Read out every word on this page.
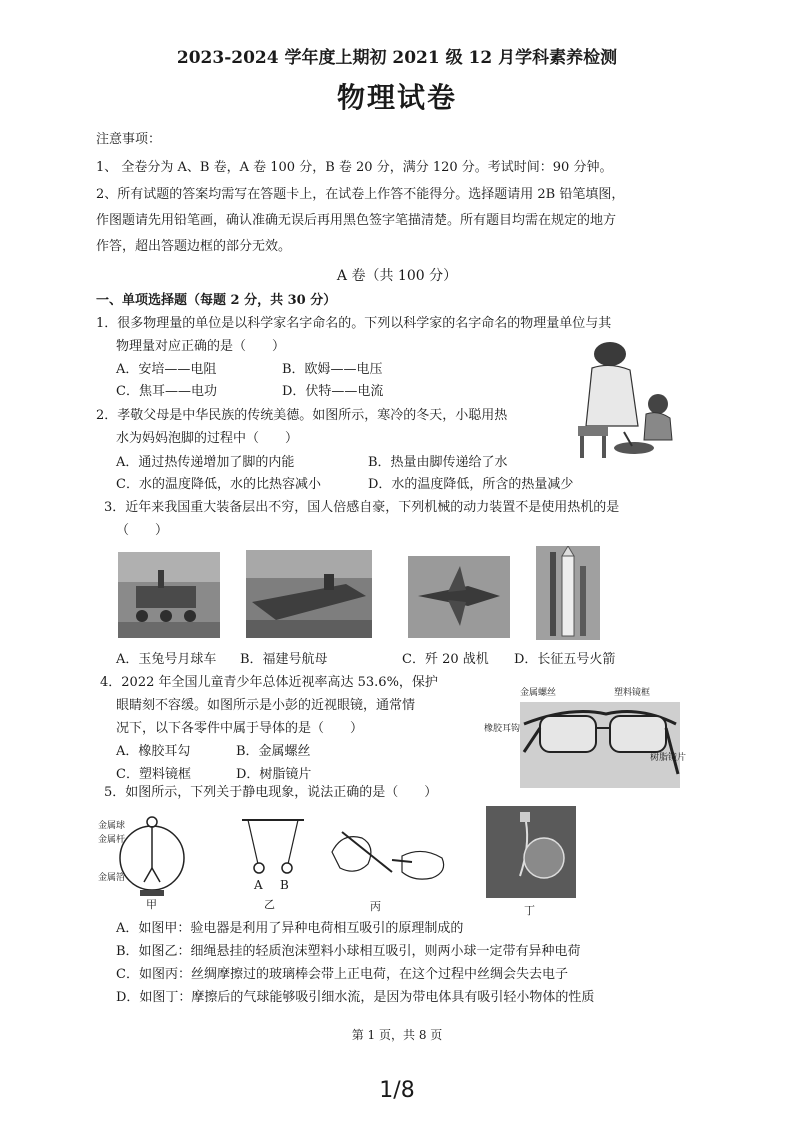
2023-2024 学年度上期初 2021 级 12 月学科素养检测
物理试卷
注意事项：
1、 全卷分为 A、B 卷，A 卷 100 分，B 卷 20 分，满分 120 分。考试时间：90 分钟。
2、所有试题的答案均需写在答题卡上，在试卷上作答不能得分。选择题请用 2B 铅笔填图，
作图题请先用铅笔画，确认准确无误后再用黑色签字笔描清楚。所有题目均需在规定的地方
作答，超出答题边框的部分无效。
A 卷（共 100 分）
一、单项选择题（每题 2 分，共 30 分）
1．很多物理量的单位是以科学家名字命名的。下列以科学家的名字命名的物理量单位与其
物理量对应正确的是（　　）
A．安培——电阻	B．欧姆——电压
C．焦耳——电功	D．伏特——电流
2．孝敬父母是中华民族的传统美德。如图所示，寒冷的冬天，小聪用热
水为妈妈泡脚的过程中（　　）
A．通过热传递增加了脚的内能	B．热量由脚传递给了水
C．水的温度降低，水的比热容减小	D．水的温度降低，所含的热量减少
3．近年来我国重大装备层出不穷，国人倍感自豪，下列机械的动力装置不是使用热机的是
（　　）
A．玉兔号月球车 B．福建号航母	C．歼 20 战机 D．长征五号火箭
4．2022 年全国儿童青少年总体近视率高达 53.6%，保护
眼睛刻不容缓。如图所示是小彭的近视眼镜，通常情
况下，以下各零件中属于导体的是（　　）
A．橡胶耳勾	B．金属螺丝
C．塑料镜框	D．树脂镜片
金属螺丝	塑料镜框
橡胶耳钩
树脂镜片
5．如图所示，下列关于静电现象，说法正确的是（　　）
金属球
金属杆
金属箔
甲
A B
乙	丙	丁
A．如图甲：验电器是利用了异种电荷相互吸引的原理制成的
B．如图乙：细绳悬挂的轻质泡沫塑料小球相互吸引，则两小球一定带有异种电荷
C．如图丙：丝绸摩擦过的玻璃棒会带上正电荷，在这个过程中丝绸会失去电子
D．如图丁：摩擦后的气球能够吸引细水流，是因为带电体具有吸引轻小物体的性质
第 1 页，共 8 页
1/8
